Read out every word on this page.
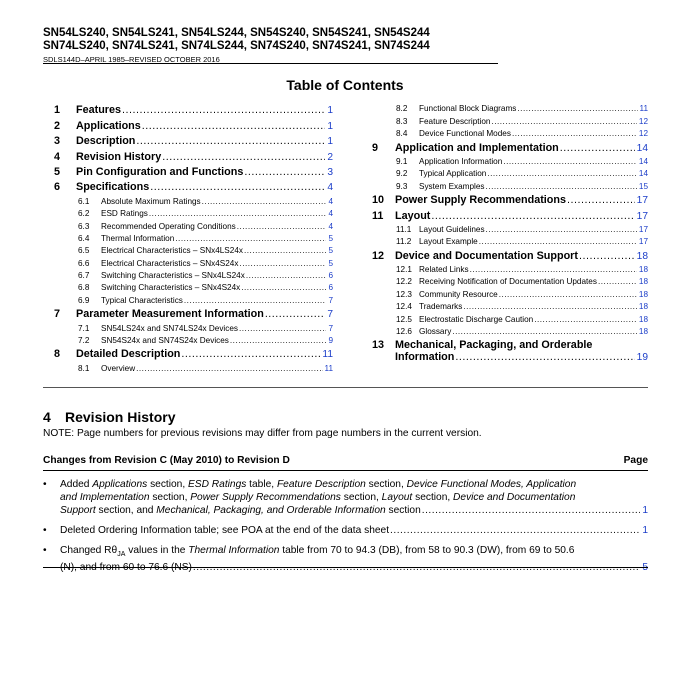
SN54LS240, SN54LS241, SN54LS244, SN54S240, SN54S241, SN54S244
SN74LS240, SN74LS241, SN74LS244, SN74S240, SN74S241, SN74S244
SDLS144D–APRIL 1985–REVISED OCTOBER 2016
Table of Contents
1	Features .....	1
2	Applications .....	1
3	Description .....	1
4	Revision History .....	2
5	Pin Configuration and Functions .....	3
6	Specifications .....	4
6.1	Absolute Maximum Ratings .....	4
6.2	ESD Ratings .....	4
6.3	Recommended Operating Conditions .....	4
6.4	Thermal Information .....	5
6.5	Electrical Characteristics – SNx4LS24x .....	5
6.6	Electrical Characteristics – SNx4S24x .....	5
6.7	Switching Characteristics – SNx4LS24x .....	6
6.8	Switching Characteristics – SNx4S24x .....	6
6.9	Typical Characteristics .....	7
7	Parameter Measurement Information .....	7
7.1	SN54LS24x and SN74LS24x Devices .....	7
7.2	SN54S24x and SN74S24x Devices .....	9
8	Detailed Description .....	11
8.1	Overview .....	11
8.2	Functional Block Diagrams .....	11
8.3	Feature Description .....	12
8.4	Device Functional Modes .....	12
9	Application and Implementation .....	14
9.1	Application Information .....	14
9.2	Typical Application .....	14
9.3	System Examples .....	15
10	Power Supply Recommendations .....	17
11	Layout .....	17
11.1 Layout Guidelines .....	17
11.2 Layout Example .....	17
12	Device and Documentation Support .....	18
12.1 Related Links .....	18
12.2 Receiving Notification of Documentation Updates .....	18
12.3 Community Resource .....	18
12.4 Trademarks .....	18
12.5 Electrostatic Discharge Caution .....	18
12.6 Glossary .....	18
13	Mechanical, Packaging, and Orderable
Information .....	19
4 Revision History
NOTE: Page numbers for previous revisions may differ from page numbers in the current version.
Changes from Revision C (May 2010) to Revision D	Page
• Added Applications section, ESD Ratings table, Feature Description section, Device Functional Modes, Application
and Implementation section, Power Supply Recommendations section, Layout section, Device and Documentation
Support section, and Mechanical, Packaging, and Orderable Information section .....	1
• Deleted Ordering Information table; see POA at the end of the data sheet .....	1
• Changed $R\theta_{JA}$ values in the Thermal Information table from 70 to 94.3 (DB), from 58 to 90.3 (DW), from 69 to 50.6
(N), and from 60 to 76.6 (NS) .....	5
